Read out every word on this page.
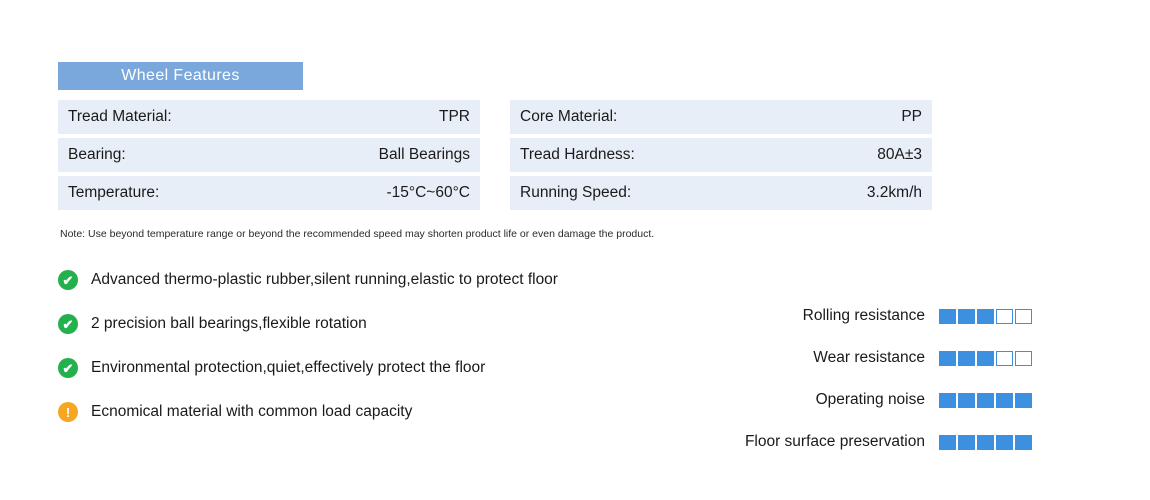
Wheel Features
Tread Material:	TPR	Core Material:	PP
Bearing:	Ball Bearings	Tread Hardness:	80A±3
Temperature:	-15°C~60°C	Running Speed:	3.2km/h
Note: Use beyond temperature range or beyond the recommended speed may shorten product life or even damage the product.
✔ Advanced thermo-plastic rubber,silent running,elastic to protect floor
✔ 2 precision ball bearings,flexible rotation
✔ Environmental protection,quiet,effectively protect the floor
!	Ecnomical material with common load capacity
Rolling resistance
Wear resistance
Operating noise
Floor surface preservation
